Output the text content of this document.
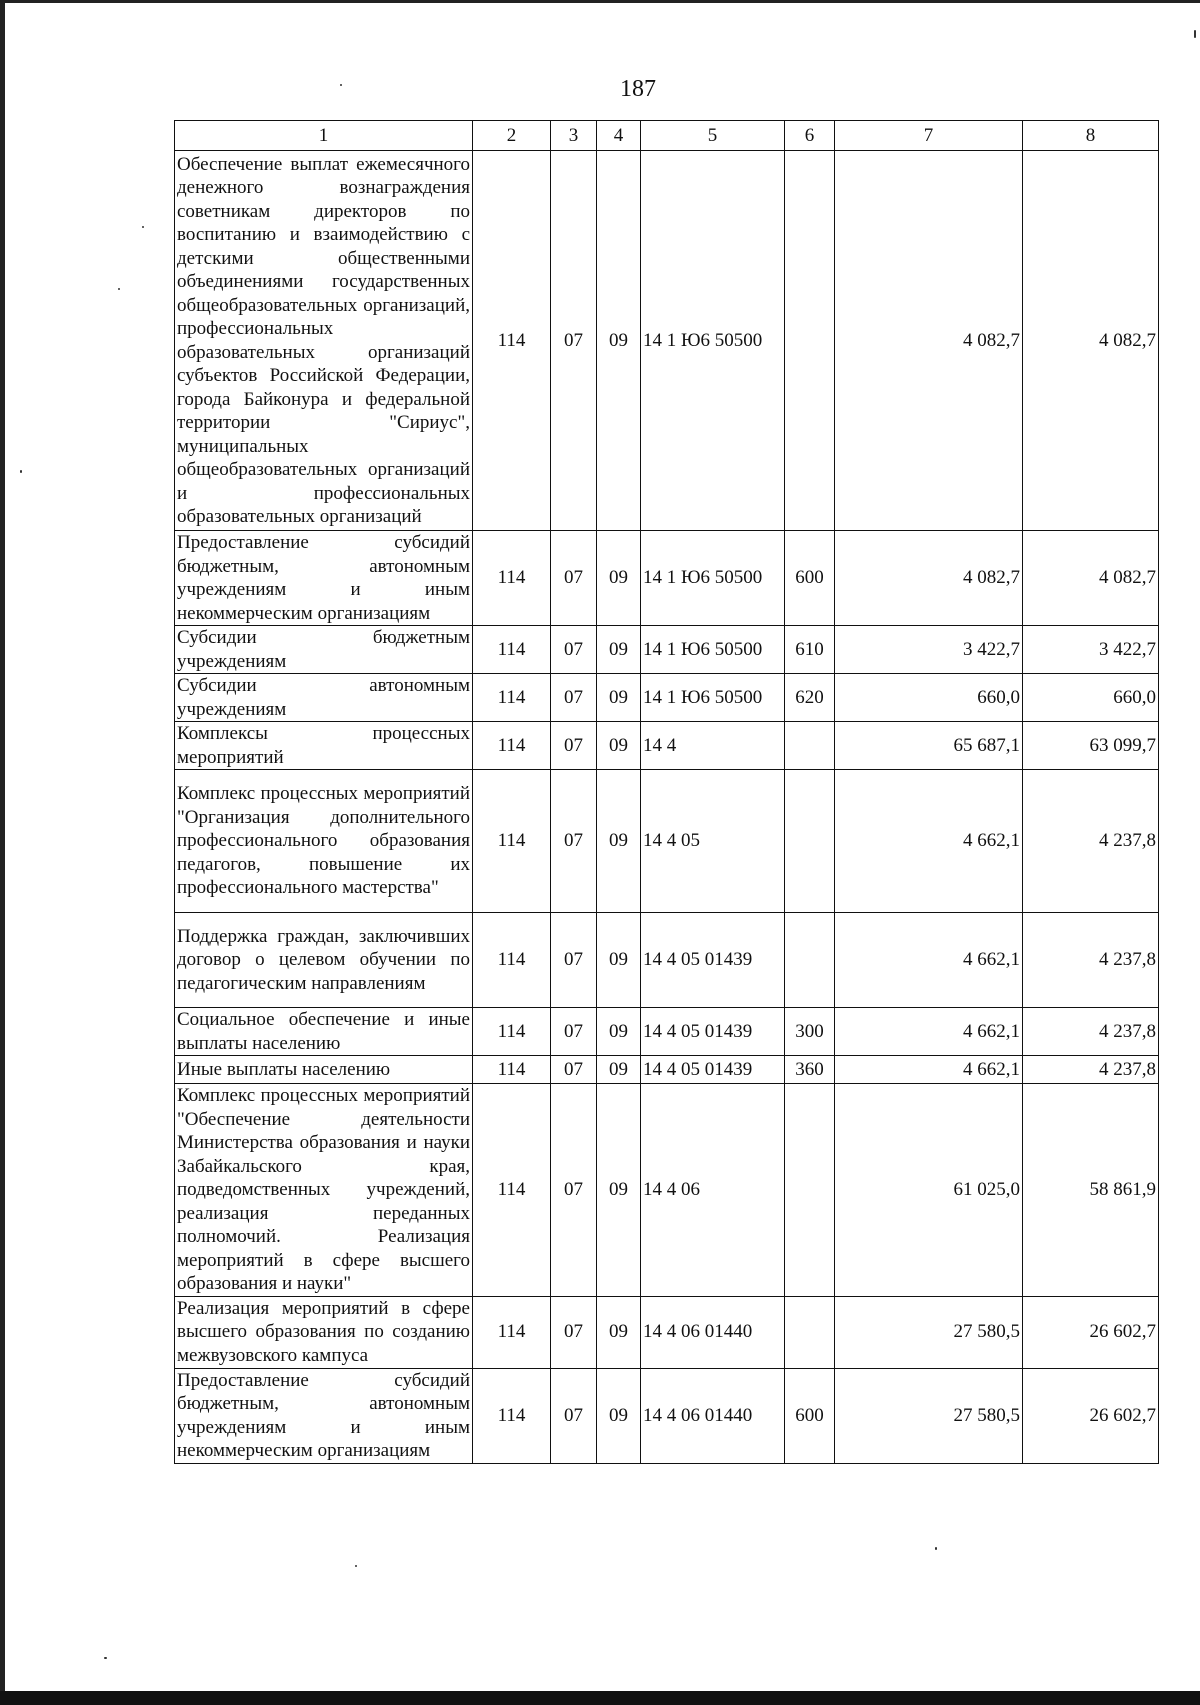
187
1	2	3	4	5	6	7	8
Обеспечение выплат ежемесячного денежного вознаграждения советникам директоров по воспитанию и взаимодействию с детскими общественными объединениями государственных общеобразовательных организаций, профессиональных образовательных организаций субъектов Российской Федерации, города Байконура и федеральной территории "Сириус", муниципальных общеобразовательных организаций и профессиональных образовательных организаций	114	07	09	14 1 Ю6 50500		4 082,7	4 082,7
Предоставление субсидий бюджетным, автономным учреждениям и иным некоммерческим организациям	114	07	09	14 1 Ю6 50500	600	4 082,7	4 082,7
Субсидии бюджетным учреждениям	114	07	09	14 1 Ю6 50500	610	3 422,7	3 422,7
Субсидии автономным учреждениям	114	07	09	14 1 Ю6 50500	620	660,0	660,0
Комплексы процессных мероприятий	114	07	09	14 4		65 687,1	63 099,7
Комплекс процессных мероприятий "Организация дополнительного профессионального образования педагогов, повышение их профессионального мастерства"	114	07	09	14 4 05		4 662,1	4 237,8
Поддержка граждан, заключивших договор о целевом обучении по педагогическим направлениям	114	07	09	14 4 05 01439		4 662,1	4 237,8
Социальное обеспечение и иные выплаты населению	114	07	09	14 4 05 01439	300	4 662,1	4 237,8
Иные выплаты населению	114	07	09	14 4 05 01439	360	4 662,1	4 237,8
Комплекс процессных мероприятий "Обеспечение деятельности Министерства образования и науки Забайкальского края, подведомственных учреждений, реализация переданных полномочий. Реализация мероприятий в сфере высшего образования и науки"	114	07	09	14 4 06		61 025,0	58 861,9
Реализация мероприятий в сфере высшего образования по созданию межвузовского кампуса	114	07	09	14 4 06 01440		27 580,5	26 602,7
Предоставление субсидий бюджетным, автономным учреждениям и иным некоммерческим организациям	114	07	09	14 4 06 01440	600	27 580,5	26 602,7
